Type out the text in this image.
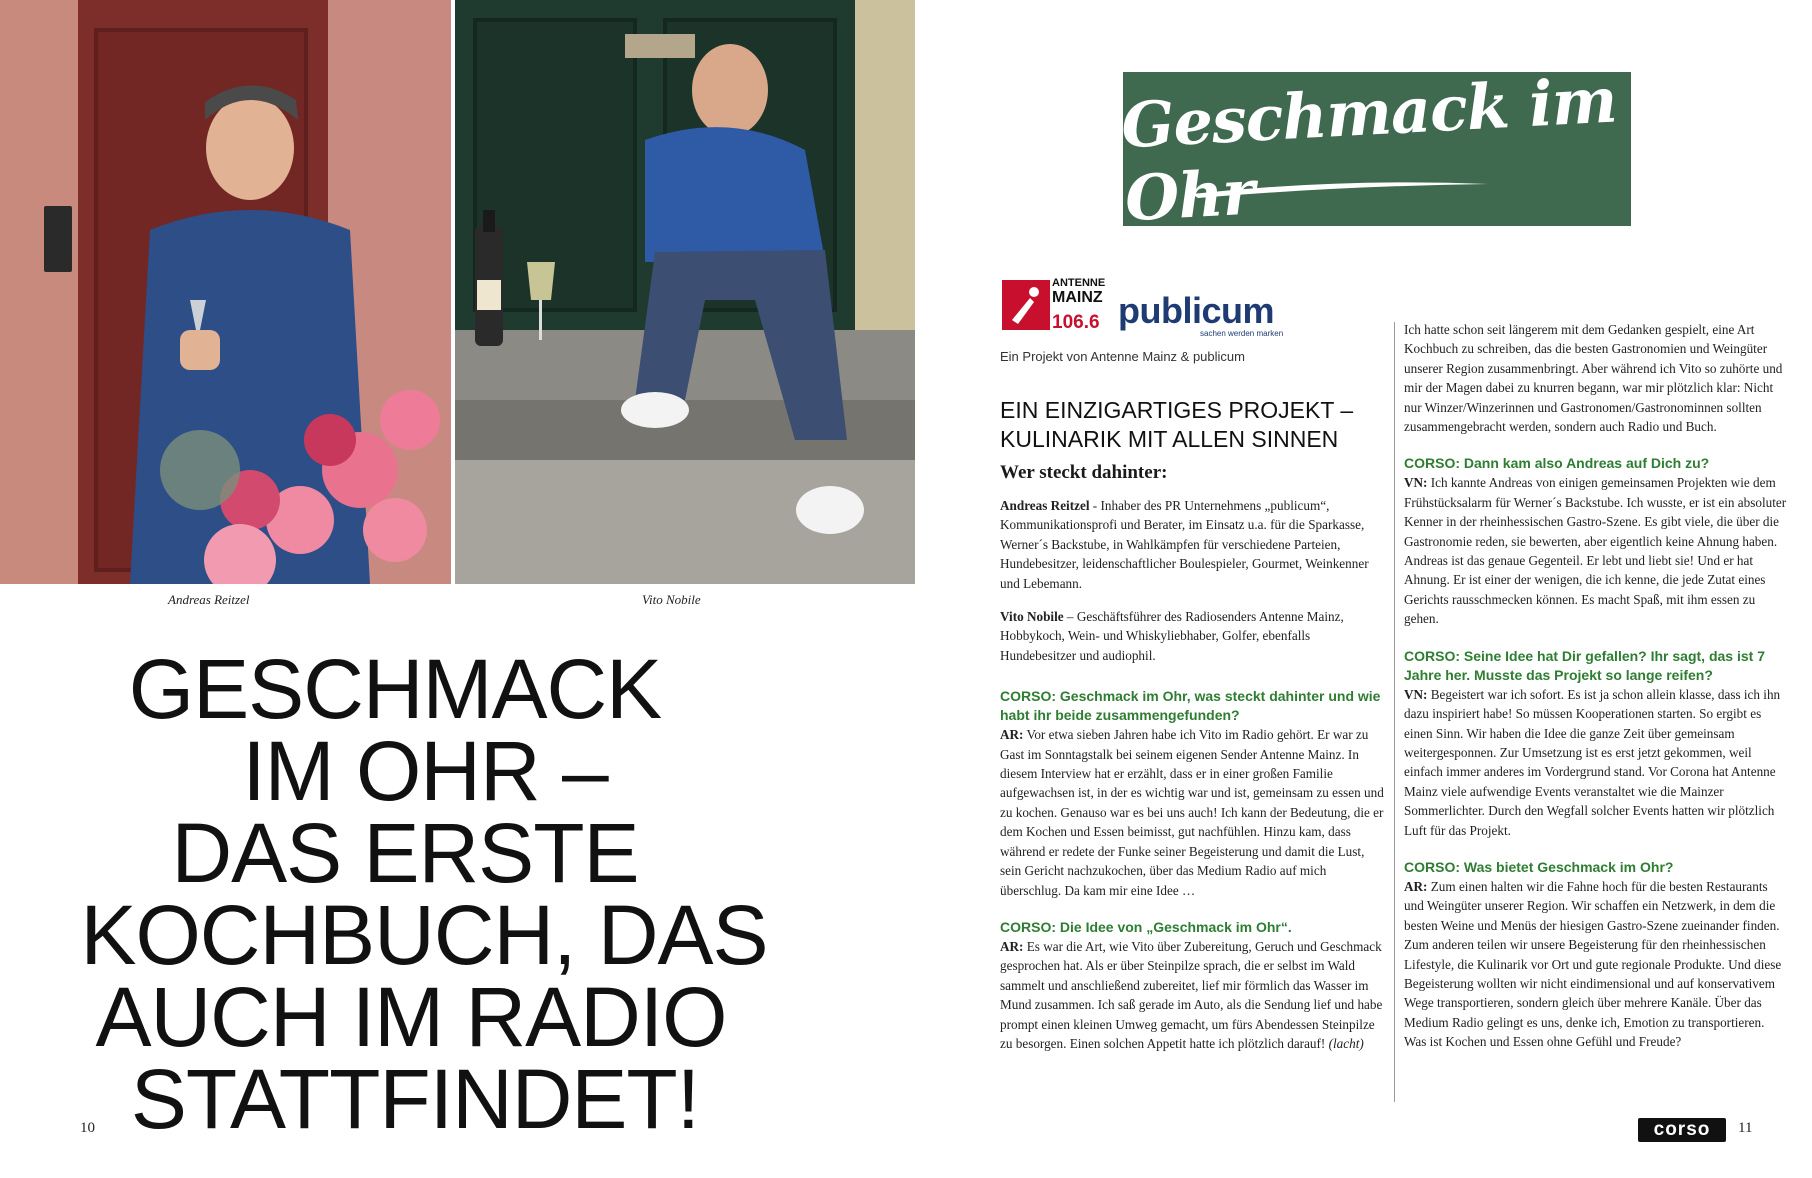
Andreas Reitzel	Vito Nobile
GESCHMACK
IM OHR –
DAS ERSTE
KOCHBUCH, DAS
AUCH IM RADIO
STATTFINDET!
10
Geschmack im Ohr
ANTENNE
MAINZ
106.6 publicum
sachen werden marken
Ein Projekt von Antenne Mainz & publicum
EIN EINZIGARTIGES PROJEKT –
KULINARIK MIT ALLEN SINNEN
Wer steckt dahinter:

Andreas Reitzel - Inhaber des PR Unternehmens „publicum“, Kommunikationsprofi und Berater, im Einsatz u.a. für die Sparkasse, Werner´s Backstube, in Wahlkämpfen für verschiedene Parteien, Hundebesitzer, leidenschaftlicher Boulespieler, Gourmet, Weinkenner und Lebemann.

Vito Nobile – Geschäftsführer des Radiosenders Antenne Mainz, Hobbykoch, Wein- und Whiskyliebhaber, Golfer, ebenfalls Hundebesitzer und audiophil.

CORSO: Geschmack im Ohr, was steckt dahinter und wie habt ihr beide zusammengefunden?

AR: Vor etwa sieben Jahren habe ich Vito im Radio gehört. Er war zu Gast im Sonntagstalk bei seinem eigenen Sender Antenne Mainz. In diesem Interview hat er erzählt, dass er in einer großen Familie aufgewachsen ist, in der es wichtig war und ist, gemeinsam zu essen und zu kochen. Genauso war es bei uns auch! Ich kann der Bedeutung, die er dem Kochen und Essen beimisst, gut nachfühlen. Hinzu kam, dass während er redete der Funke seiner Begeisterung und damit die Lust, sein Gericht nachzukochen, über das Medium Radio auf mich überschlug. Da kam mir eine Idee …

CORSO: Die Idee von „Geschmack im Ohr“.

AR: Es war die Art, wie Vito über Zubereitung, Geruch und Geschmack gesprochen hat. Als er über Steinpilze sprach, die er selbst im Wald sammelt und anschließend zubereitet, lief mir förmlich das Wasser im Mund zusammen. Ich saß gerade im Auto, als die Sendung lief und habe prompt einen kleinen Umweg gemacht, um fürs Abendessen Steinpilze zu besorgen. Einen solchen Appetit hatte ich plötzlich darauf! (lacht)

Ich hatte schon seit längerem mit dem Gedanken gespielt, eine Art Kochbuch zu schreiben, das die besten Gastronomien und Weingüter unserer Region zusammenbringt. Aber während ich Vito so zuhörte und mir der Magen dabei zu knurren begann, war mir plötzlich klar: Nicht nur Winzer/Winzerinnen und Gastronomen/Gastronominnen sollten zusammengebracht werden, sondern auch Radio und Buch.

CORSO: Dann kam also Andreas auf Dich zu?

VN: Ich kannte Andreas von einigen gemeinsamen Projekten wie dem Frühstücksalarm für Werner´s Backstube. Ich wusste, er ist ein absoluter Kenner in der rheinhessischen Gastro-Szene. Es gibt viele, die über die Gastronomie reden, sie bewerten, aber eigentlich keine Ahnung haben. Andreas ist das genaue Gegenteil. Er lebt und liebt sie! Und er hat Ahnung. Er ist einer der wenigen, die ich kenne, die jede Zutat eines Gerichts rausschmecken können. Es macht Spaß, mit ihm essen zu gehen.

CORSO: Seine Idee hat Dir gefallen? Ihr sagt, das ist 7 Jahre her. Musste das Projekt so lange reifen?

VN: Begeistert war ich sofort. Es ist ja schon allein klasse, dass ich ihn dazu inspiriert habe! So müssen Kooperationen starten. So ergibt es einen Sinn. Wir haben die Idee die ganze Zeit über gemeinsam weitergesponnen. Zur Umsetzung ist es erst jetzt gekommen, weil einfach immer anderes im Vordergrund stand. Vor Corona hat Antenne Mainz viele aufwendige Events veranstaltet wie die Mainzer Sommerlichter. Durch den Wegfall solcher Events hatten wir plötzlich Luft für das Projekt.

CORSO: Was bietet Geschmack im Ohr?

AR: Zum einen halten wir die Fahne hoch für die besten Restaurants und Weingüter unserer Region. Wir schaffen ein Netzwerk, in dem die besten Weine und Menüs der hiesigen Gastro-Szene zueinander finden. Zum anderen teilen wir unsere Begeisterung für den rheinhessischen Lifestyle, die Kulinarik vor Ort und gute regionale Produkte. Und diese Begeisterung wollten wir nicht eindimensional und auf konservativem Wege transportieren, sondern gleich über mehrere Kanäle. Über das Medium Radio gelingt es uns, denke ich, Emotion zu transportieren. Was ist Kochen und Essen ohne Gefühl und Freude?

corso	11
